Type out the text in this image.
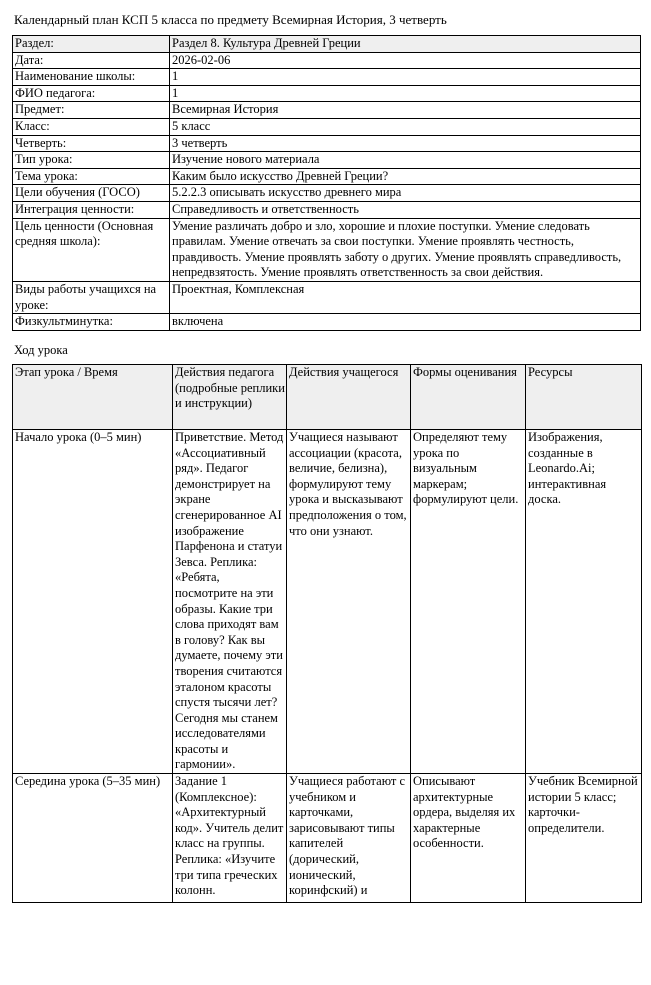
Календарный план КСП 5 класса по предмету Всемирная История, 3 четверть
Раздел:	Раздел 8. Культура Древней Греции
Дата:	2026-02-06
Наименование школы:	1
ФИО педагога:	1
Предмет:	Всемирная История
Класс:	5 класс
Четверть:	3 четверть
Тип урока:	Изучение нового материала
Тема урока:	Каким было искусство Древней Греции?
Цели обучения (ГОСО)	5.2.2.3 описывать искусство древнего мира
Интеграция ценности:	Справедливость и ответственность
Цель ценности (Основная средняя школа):	Умение различать добро и зло, хорошие и плохие поступки. Умение следовать правилам. Умение отвечать за свои поступки. Умение проявлять честность, правдивость. Умение проявлять заботу о других. Умение проявлять справедливость, непредвзятость. Умение проявлять ответственность за свои действия.
Виды работы учащихся на уроке:	Проектная, Комплексная
Физкультминутка:	включена
Ход урока
Этап урока / Время	Действия педагога (подробные реплики и инструкции)	Действия учащегося	Формы оценивания	Ресурсы
Начало урока (0–5 мин)	Приветствие. Метод «Ассоциативный ряд». Педагог демонстрирует на экране сгенерированное AI изображение Парфенона и статуи Зевса. Реплика: «Ребята, посмотрите на эти образы. Какие три слова приходят вам в голову? Как вы думаете, почему эти творения считаются эталоном красоты спустя тысячи лет? Сегодня мы станем исследователями красоты и гармонии».	Учащиеся называют ассоциации (красота, величие, белизна), формулируют тему урока и высказывают предположения о том, что они узнают.	Определяют тему урока по визуальным маркерам; формулируют цели.	Изображения, созданные в Leonardo.Ai; интерактивная доска.
Середина урока (5–35 мин)	Задание 1 (Комплексное): «Архитектурный код». Учитель делит класс на группы. Реплика: «Изучите три типа греческих колонн.	Учащиеся работают с учебником и карточками, зарисовывают типы капителей (дорический, ионический, коринфский) и	Описывают архитектурные ордера, выделяя их характерные особенности.	Учебник Всемирной истории 5 класс; карточки-определители.
